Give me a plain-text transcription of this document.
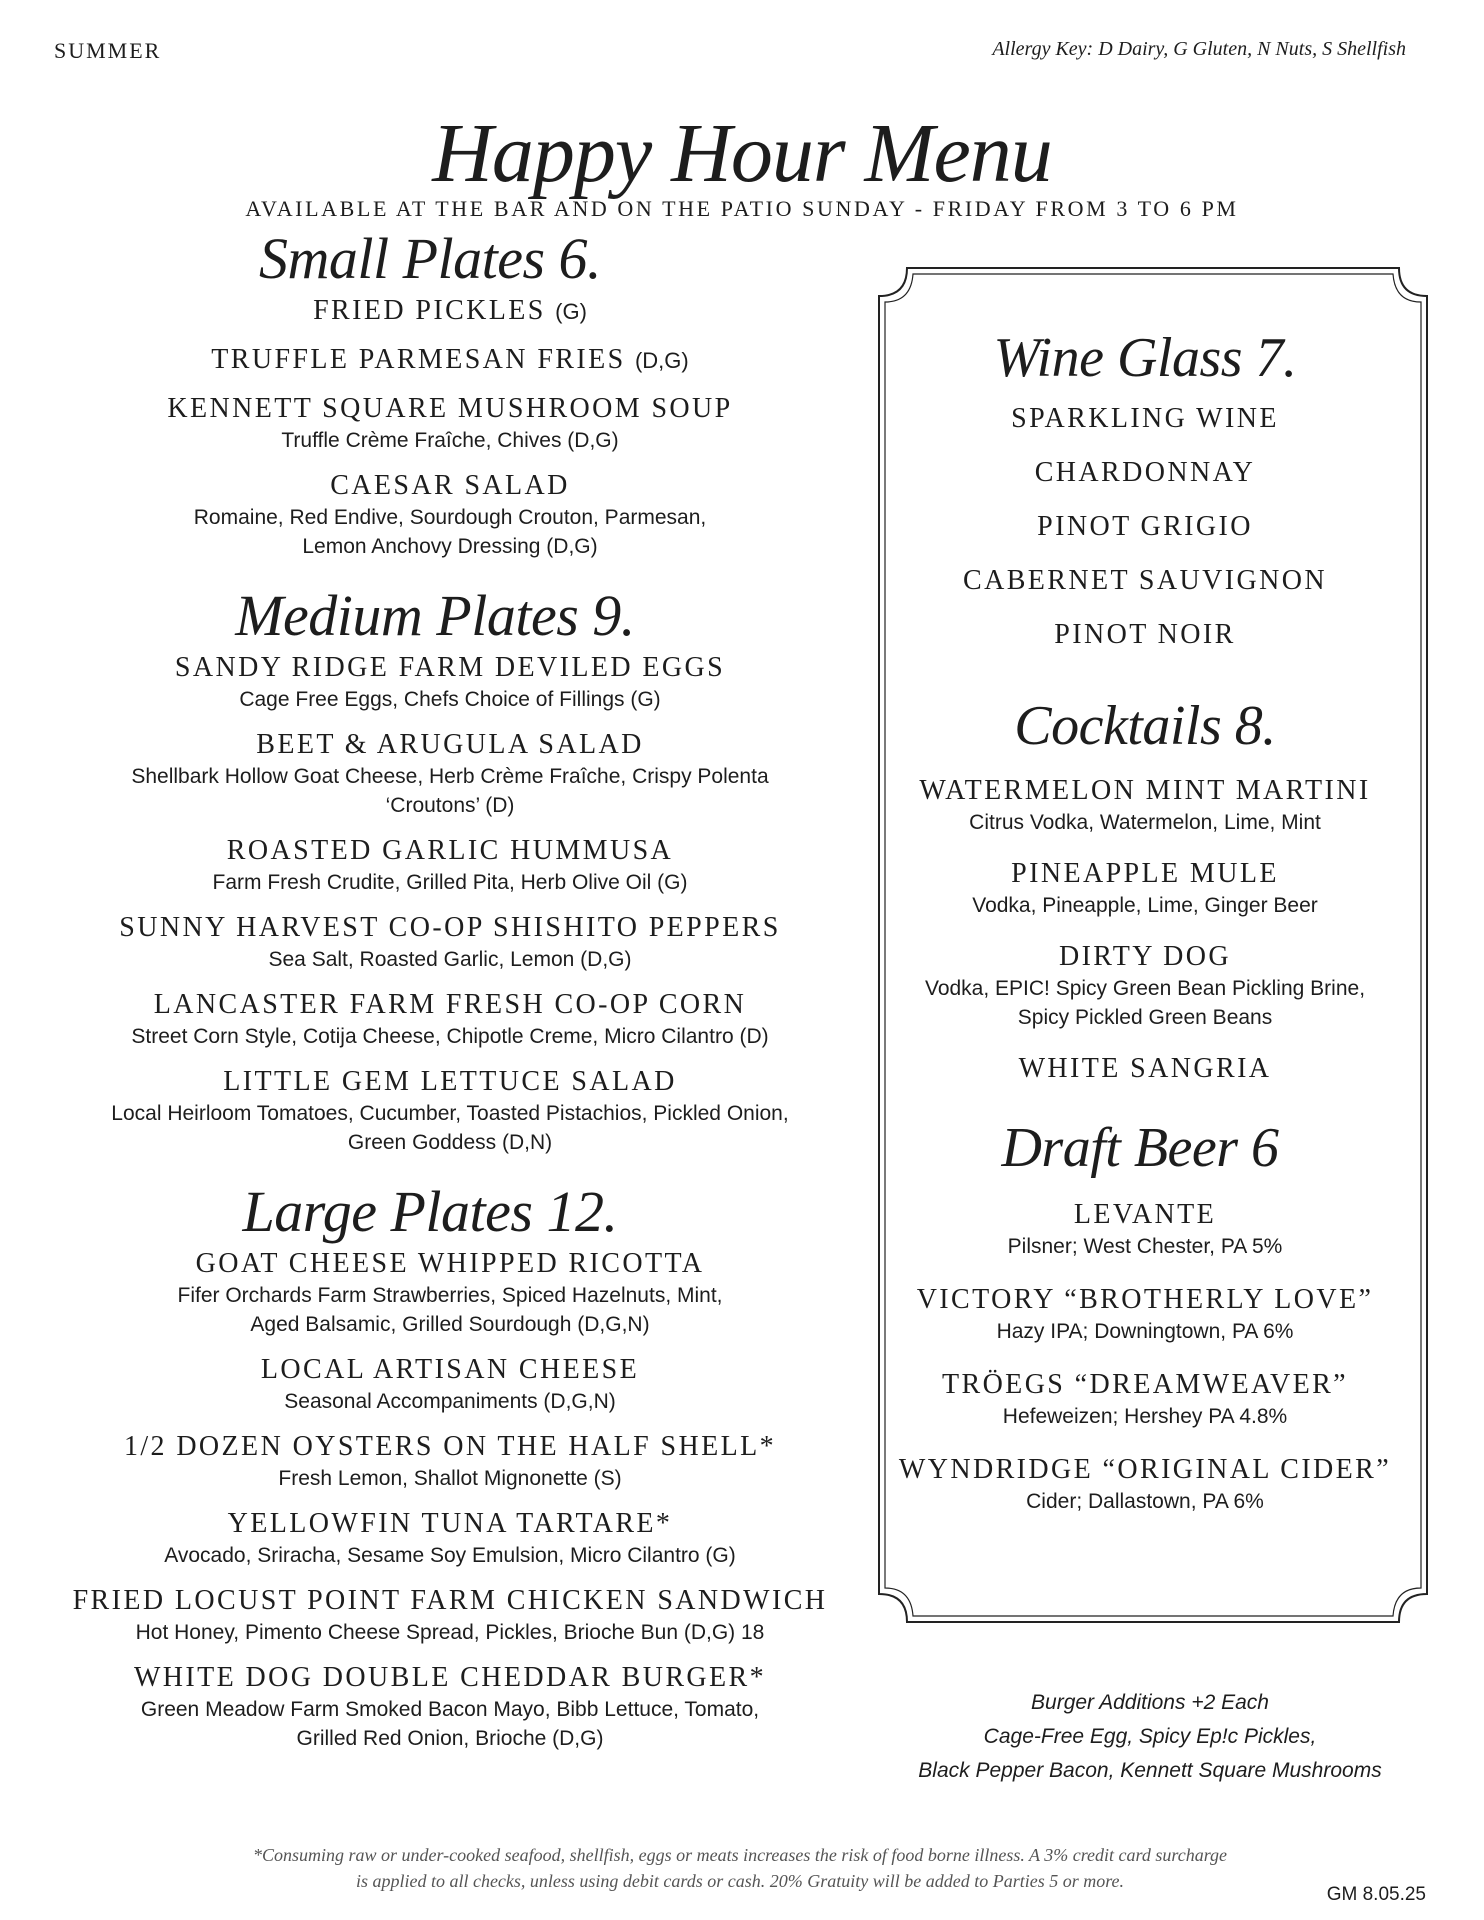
SUMMER	Allergy Key: D Dairy, G Gluten, N Nuts, S Shellfish
Happy Hour Menu
AVAILABLE AT THE BAR AND ON THE PATIO SUNDAY - FRIDAY FROM 3 TO 6 PM
Small Plates 6.
FRIED PICKLES (G)
TRUFFLE PARMESAN FRIES (D,G)
KENNETT SQUARE MUSHROOM SOUP
Truffle Crème Fraîche, Chives (D,G)
CAESAR SALAD
Romaine, Red Endive, Sourdough Crouton, Parmesan,
Lemon Anchovy Dressing (D,G)
Medium Plates 9.
SANDY RIDGE FARM DEVILED EGGS
Cage Free Eggs, Chefs Choice of Fillings (G)
BEET & ARUGULA SALAD
Shellbark Hollow Goat Cheese, Herb Crème Fraîche, Crispy Polenta
‘Croutons’ (D)
ROASTED GARLIC HUMMUSA
Farm Fresh Crudite, Grilled Pita, Herb Olive Oil (G)
SUNNY HARVEST CO-OP SHISHITO PEPPERS
Sea Salt, Roasted Garlic, Lemon (D,G)
LANCASTER FARM FRESH CO-OP CORN
Street Corn Style, Cotija Cheese, Chipotle Creme, Micro Cilantro (D)
LITTLE GEM LETTUCE SALAD
Local Heirloom Tomatoes, Cucumber, Toasted Pistachios, Pickled Onion,
Green Goddess (D,N)
Large Plates 12.
GOAT CHEESE WHIPPED RICOTTA
Fifer Orchards Farm Strawberries, Spiced Hazelnuts, Mint,
Aged Balsamic, Grilled Sourdough (D,G,N)
LOCAL ARTISAN CHEESE
Seasonal Accompaniments (D,G,N)
1/2 DOZEN OYSTERS ON THE HALF SHELL*
Fresh Lemon, Shallot Mignonette (S)
YELLOWFIN TUNA TARTARE*
Avocado, Sriracha, Sesame Soy Emulsion, Micro Cilantro (G)
FRIED LOCUST POINT FARM CHICKEN SANDWICH
Hot Honey, Pimento Cheese Spread, Pickles, Brioche Bun (D,G) 18
WHITE DOG DOUBLE CHEDDAR BURGER*
Green Meadow Farm Smoked Bacon Mayo, Bibb Lettuce, Tomato,
Grilled Red Onion, Brioche (D,G)
Wine Glass 7.
SPARKLING WINE
CHARDONNAY
PINOT GRIGIO
CABERNET SAUVIGNON
PINOT NOIR
Cocktails 8.
WATERMELON MINT MARTINI
Citrus Vodka, Watermelon, Lime, Mint
PINEAPPLE MULE
Vodka, Pineapple, Lime, Ginger Beer
DIRTY DOG
Vodka, EPIC! Spicy Green Bean Pickling Brine,
Spicy Pickled Green Beans
WHITE SANGRIA
Draft Beer 6
LEVANTE
Pilsner; West Chester, PA 5%
VICTORY “BROTHERLY LOVE”
Hazy IPA; Downingtown, PA 6%
TRÖEGS “DREAMWEAVER”
Hefeweizen; Hershey PA 4.8%
WYNDRIDGE “ORIGINAL CIDER”
Cider; Dallastown, PA 6%
Burger Additions +2 Each
Cage-Free Egg, Spicy Ep!c Pickles,
Black Pepper Bacon, Kennett Square Mushrooms
*Consuming raw or under-cooked seafood, shellfish, eggs or meats increases the risk of food borne illness. A 3% credit card surcharge
is applied to all checks, unless using debit cards or cash. 20% Gratuity will be added to Parties 5 or more.
GM 8.05.25
